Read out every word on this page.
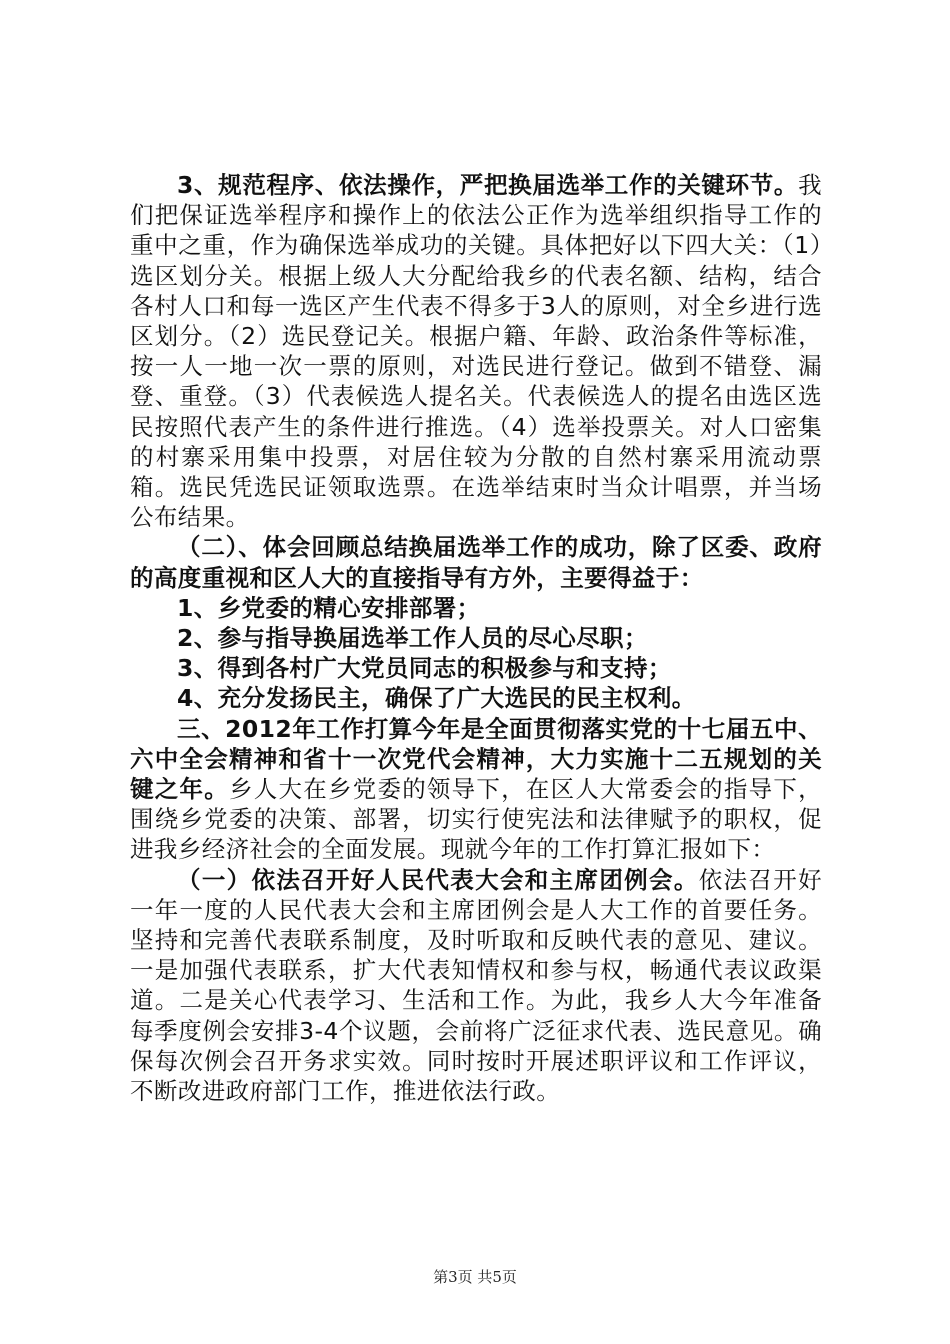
3、规范程序、依法操作，严把换届选举工作的关键环节。我们把保证选举程序和操作上的依法公正作为选举组织指导工作的重中之重，作为确保选举成功的关键。具体把好以下四大关：（1）选区划分关。根据上级人大分配给我乡的代表名额、结构，结合各村人口和每一选区产生代表不得多于3人的原则，对全乡进行选区划分。（2）选民登记关。根据户籍、年龄、政治条件等标准，按一人一地一次一票的原则，对选民进行登记。做到不错登、漏登、重登。（3）代表候选人提名关。代表候选人的提名由选区选民按照代表产生的条件进行推选。（4）选举投票关。对人口密集的村寨采用集中投票，对居住较为分散的自然村寨采用流动票箱。选民凭选民证领取选票。在选举结束时当众计唱票，并当场公布结果。

（二）、体会回顾总结换届选举工作的成功，除了区委、政府的高度重视和区人大的直接指导有方外，主要得益于：

1、乡党委的精心安排部署；

2、参与指导换届选举工作人员的尽心尽职；

3、得到各村广大党员同志的积极参与和支持；

4、充分发扬民主，确保了广大选民的民主权利。

三、2012年工作打算今年是全面贯彻落实党的十七届五中、六中全会精神和省十一次党代会精神，大力实施十二五规划的关键之年。乡人大在乡党委的领导下，在区人大常委会的指导下，围绕乡党委的决策、部署，切实行使宪法和法律赋予的职权，促进我乡经济社会的全面发展。现就今年的工作打算汇报如下：

（一）依法召开好人民代表大会和主席团例会。依法召开好一年一度的人民代表大会和主席团例会是人大工作的首要任务。坚持和完善代表联系制度，及时听取和反映代表的意见、建议。一是加强代表联系，扩大代表知情权和参与权，畅通代表议政渠道。二是关心代表学习、生活和工作。为此，我乡人大今年准备每季度例会安排3-4个议题，会前将广泛征求代表、选民意见。确保每次例会召开务求实效。同时按时开展述职评议和工作评议，不断改进政府部门工作，推进依法行政。

第3页 共5页
